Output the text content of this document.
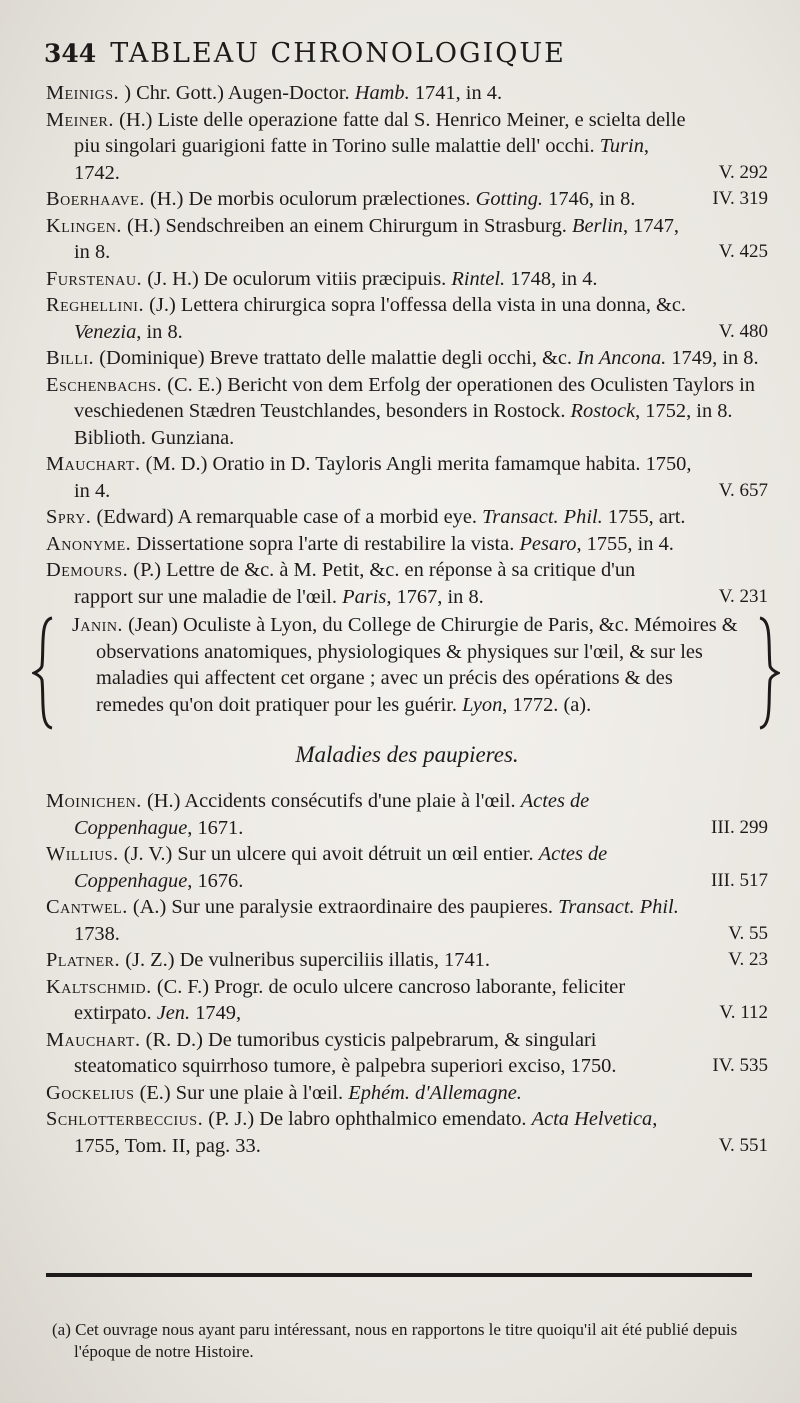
344 TABLEAU CHRONOLOGIQUE

Meinigs. ) Chr. Gott.) Augen-Doctor. Hamb. 1741, in 4.

Meiner. (H.) Liste delle operazione fatte dal S. Henrico Meiner, e scielta delle piu singolari guarigioni fatte in Torino sulle malattie dell' occhi. Turin, 1742.	V. 292

Boerhaave. (H.) De morbis oculorum prælectiones. Gotting. 1746, in 8.	IV. 319

Klingen. (H.) Sendschreiben an einem Chirurgum in Strasburg. Berlin, 1747, in 8.	V. 425

Furstenau. (J. H.) De oculorum vitiis præcipuis. Rintel. 1748, in 4.

Reghellini. (J.) Lettera chirurgica sopra l'offessa della vista in una donna, &c. Venezia, in 8.	V. 480

Billi. (Dominique) Breve trattato delle malattie degli occhi, &c. In Ancona. 1749, in 8.

Eschenbachs. (C. E.) Bericht von dem Erfolg der operationen des Oculisten Taylors in veschiedenen Stædren Teustchlandes, besonders in Rostock. Rostock, 1752, in 8. Biblioth. Gunziana.

Mauchart. (M. D.) Oratio in D. Tayloris Angli merita famamque habita. 1750, in 4.	V. 657

Spry. (Edward) A remarquable case of a morbid eye. Transact. Phil. 1755, art.

Anonyme. Dissertatione sopra l'arte di restabilire la vista. Pesaro, 1755, in 4.

Demours. (P.) Lettre de &c. à M. Petit, &c. en réponse à sa critique d'un rapport sur une maladie de l'œil. Paris, 1767, in 8.	V. 231

Janin. (Jean) Oculiste à Lyon, du College de Chirurgie de Paris, &c. Mémoires & observations anatomiques, physiologiques & physiques sur l'œil, & sur les maladies qui affectent cet organe ; avec un précis des opérations & des remedes qu'on doit pratiquer pour les guérir. Lyon, 1772. (a).

Maladies des paupieres.

Moinichen. (H.) Accidents consécutifs d'une plaie à l'œil. Actes de Coppenhague, 1671.	III. 299

Willius. (J. V.) Sur un ulcere qui avoit détruit un œil entier. Actes de Coppenhague, 1676.	III. 517

Cantwel. (A.) Sur une paralysie extraordinaire des paupieres. Transact. Phil. 1738.	V. 55

Platner. (J. Z.) De vulneribus superciliis illatis, 1741.	V. 23

Kaltschmid. (C. F.) Progr. de oculo ulcere cancroso laborante, feliciter extirpato. Jen. 1749,	V. 112

Mauchart. (R. D.) De tumoribus cysticis palpebrarum, & singulari steatomatico squirrhoso tumore, è palpebra superiori exciso, 1750.	IV. 535

Gockelius (E.) Sur une plaie à l'œil. Ephém. d'Allemagne.

Schlotterbeccius. (P. J.) De labro ophthalmico emendato. Acta Helvetica, 1755, Tom. II, pag. 33.	V. 551

(a) Cet ouvrage nous ayant paru intéressant, nous en rapportons le titre quoiqu'il ait été publié depuis l'époque de notre Histoire.
